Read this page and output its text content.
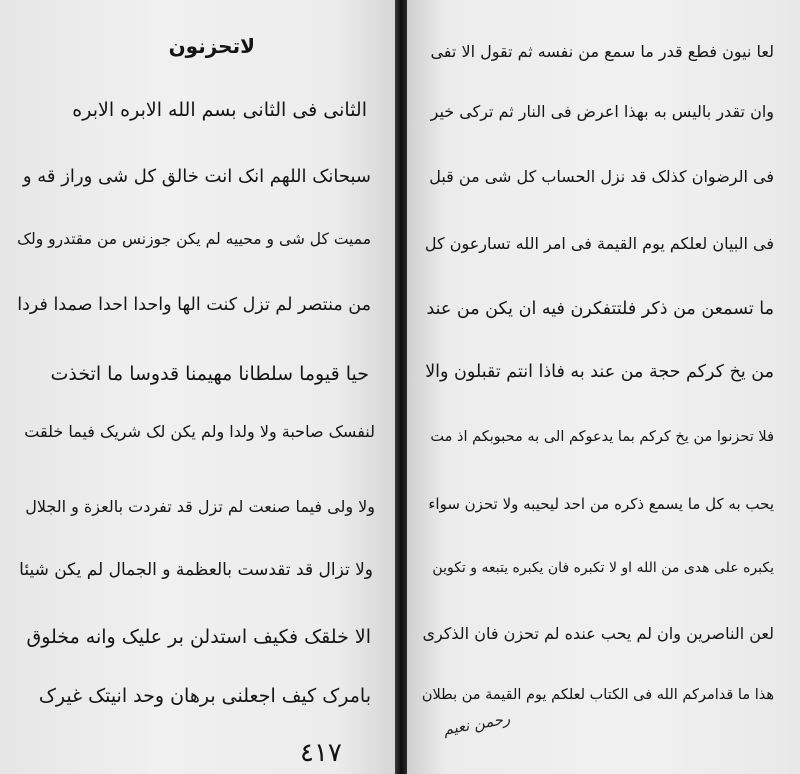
لاتحزنون
الثانی فی الثانی بسم الله الابره الابره
سبحانک اللهم انک انت خالق کل شی وراز قه و
ممیت کل شی و محییه لم یکن جوزنس من مقتدرو ولک
من منتصر لم تزل کنت الها واحدا احدا صمدا فردا
حیا قیوما سلطانا مهیمنا قدوسا ما اتخذت
لنفسک صاحبة ولا ولدا ولم یکن لک شریک فیما خلقت
ولا ولی فیما صنعت لم تزل قد تفردت بالعزة و الجلال
ولا تزال قد تقدست بالعظمة و الجمال لم یکن شیئا
الا خلقک فکیف استدلن بر علیک وانه مخلوق
بامرک کیف اجعلنی برهان وحد انیتک غیرک
٤١٧
لعا نیون فطع قدر ما سمع من نفسه ثم تقول الا تفی
وان تقدر بالیس به بهذا اعرض فی النار ثم ترکی خیر
فی الرضوان کذلک قد نزل الحساب کل شی من قبل
فی البیان لعلکم یوم القیمة فی امر الله تسارعون کل
ما تسمعن من ذکر فلتتفکرن فیه ان یکن من عند
من یخ کرکم حجة من عند به فاذا انتم تقبلون والا
فلا تحزنوا من یخ کرکم بما یدعوکم الی به محبوبکم اذ مت
یحب به کل ما یسمع ذکره من احد لیحیبه ولا تحزن سواء
یکبره علی هدی من الله او لا تکبره فان یکبره یتبعه و تکوین
لعن الناصرین وان لم یحب عنده لم تحزن فان الذکری
هذا ما قدامرکم الله فی الکتاب لعلکم یوم القیمة من بطلان
رحمن نعیم
